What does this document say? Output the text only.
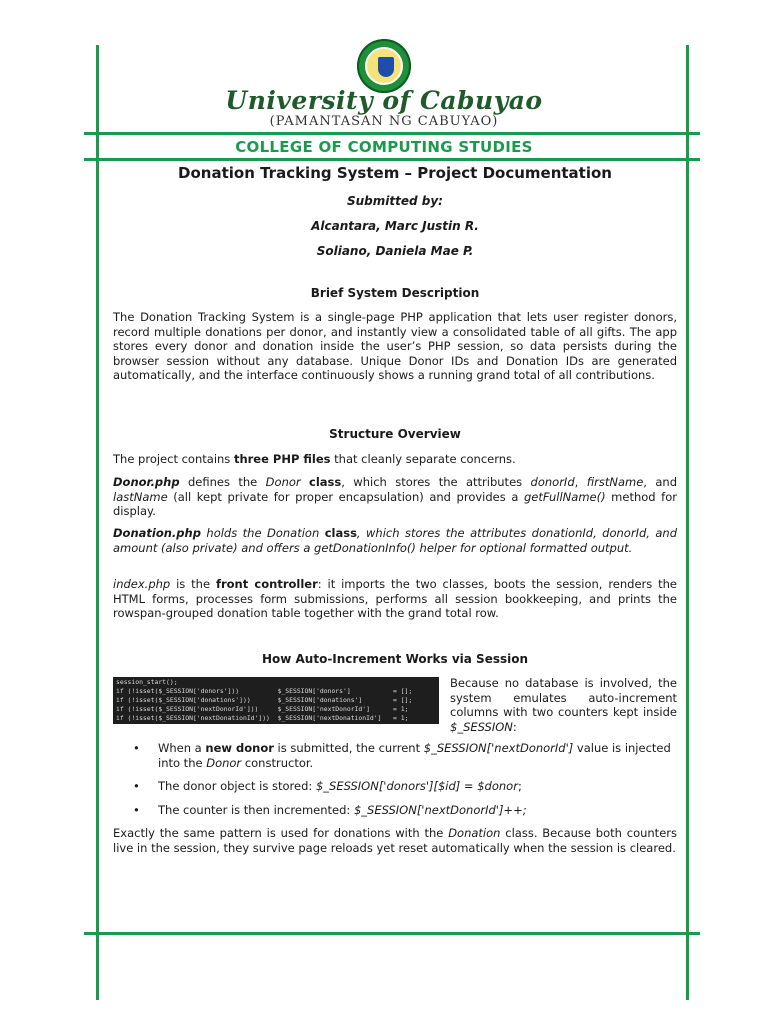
University of Cabuyao
(PAMANTASAN NG CABUYAO)
COLLEGE OF COMPUTING STUDIES
Donation Tracking System – Project Documentation
Submitted by:
Alcantara, Marc Justin R.
Soliano, Daniela Mae P.
Brief System Description
The Donation Tracking System is a single-page PHP application that lets user register donors, record multiple donations per donor, and instantly view a consolidated table of all gifts. The app stores every donor and donation inside the user’s PHP session, so data persists during the browser session without any database. Unique Donor IDs and Donation IDs are generated automatically, and the interface continuously shows a running grand total of all contributions.
Structure Overview
The project contains three PHP files that cleanly separate concerns.
Donor.php defines the Donor class, which stores the attributes donorId, firstName, and lastName (all kept private for proper encapsulation) and provides a getFullName() method for display.
Donation.php holds the Donation class, which stores the attributes donationId, donorId, and amount (also private) and offers a getDonationInfo() helper for optional formatted output.
index.php is the front controller: it imports the two classes, boots the session, renders the HTML forms, processes form submissions, performs all session bookkeeping, and prints the rowspan-grouped donation table together with the grand total row.
How Auto-Increment Works via Session
session_start();
if (!isset($_SESSION['donors']))          $_SESSION['donors']           = [];
if (!isset($_SESSION['donations']))       $_SESSION['donations']        = [];
if (!isset($_SESSION['nextDonorId']))     $_SESSION['nextDonorId']      = 1;
if (!isset($_SESSION['nextDonationId']))  $_SESSION['nextDonationId']   = 1;
Because no database is involved, the system emulates auto-increment columns with two counters kept inside $_SESSION:
• When a new donor is submitted, the current $_SESSION['nextDonorId'] value is injected into the Donor constructor.
• The donor object is stored: $_SESSION['donors'][$id] = $donor;
• The counter is then incremented: $_SESSION['nextDonorId']++;
Exactly the same pattern is used for donations with the Donation class. Because both counters live in the session, they survive page reloads yet reset automatically when the session is cleared.
